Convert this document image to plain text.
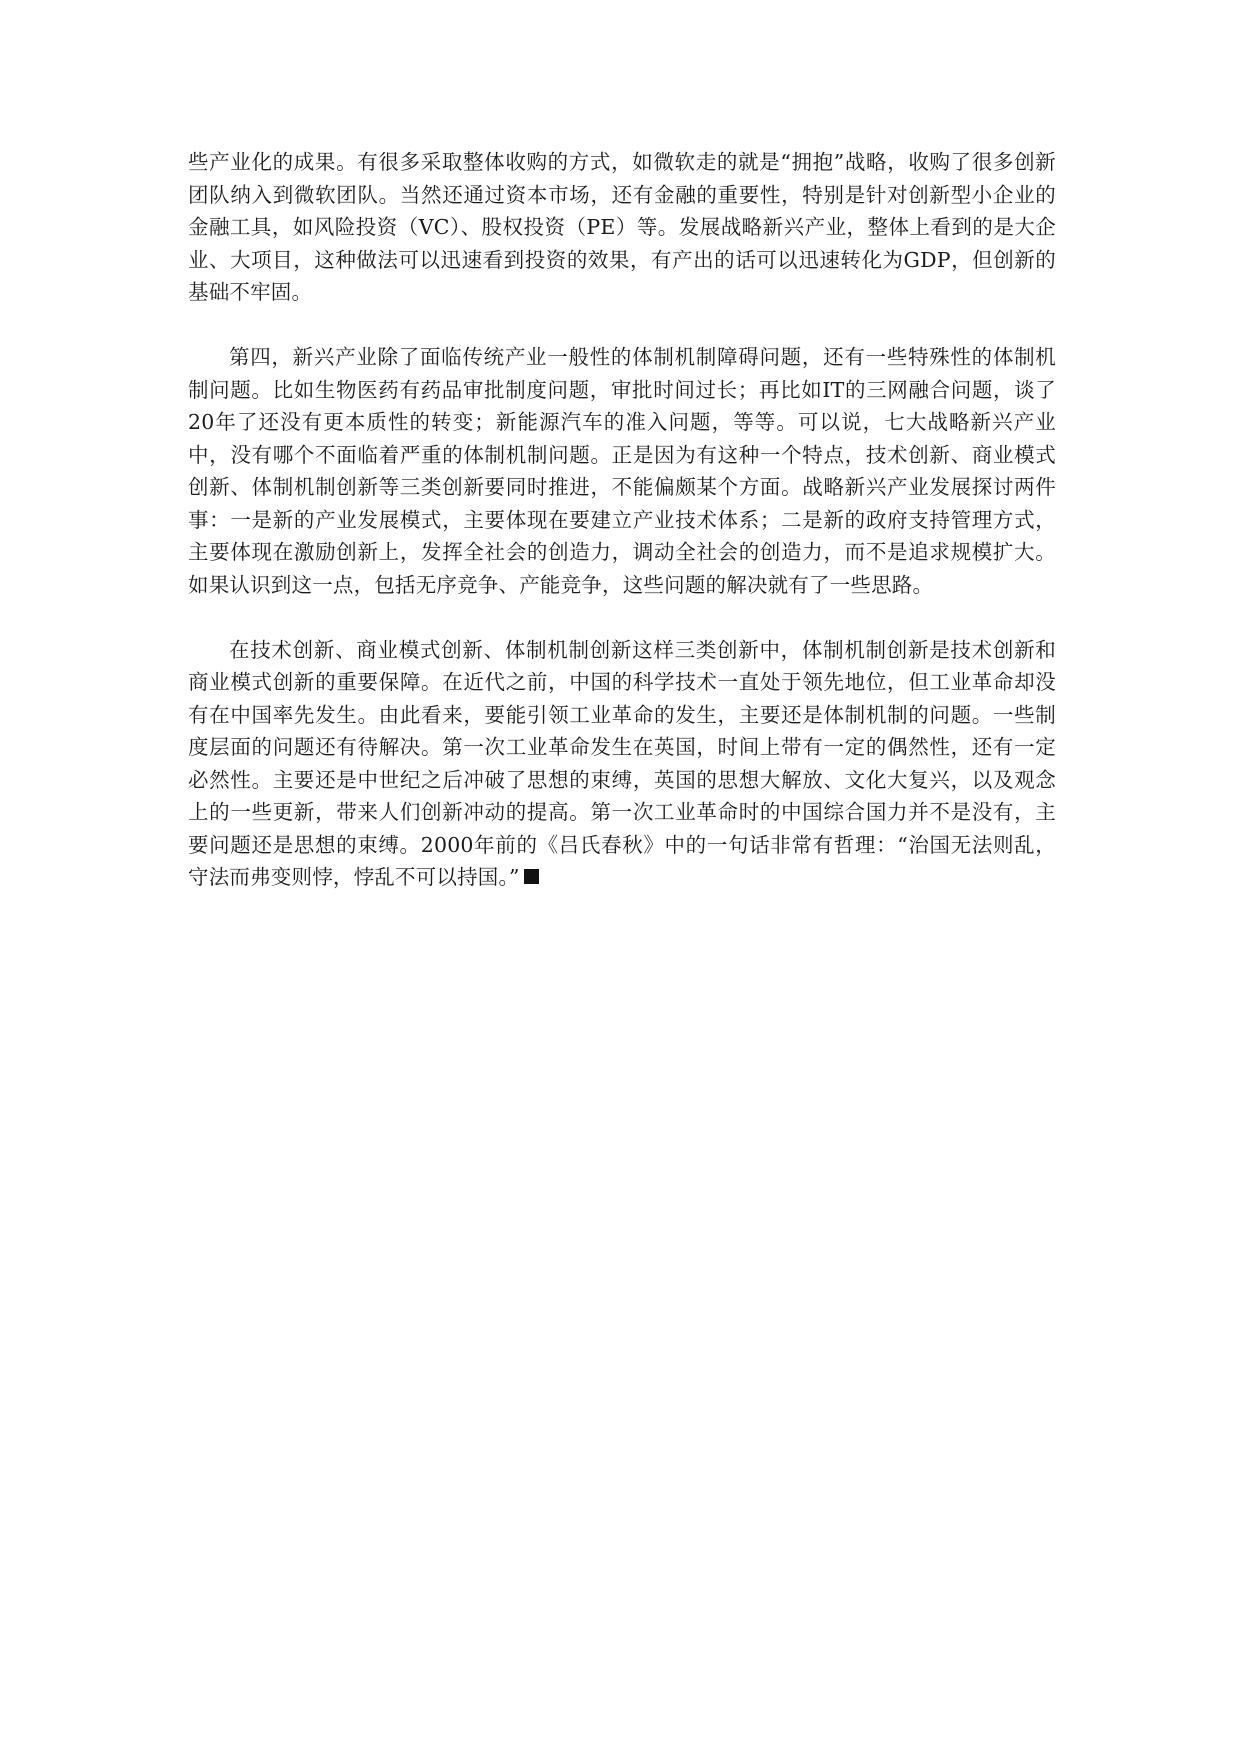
些产业化的成果。有很多采取整体收购的方式，如微软走的就是“拥抱”战略，收购了很多创新团队纳入到微软团队。当然还通过资本市场，还有金融的重要性，特别是针对创新型小企业的金融工具，如风险投资（VC）、股权投资（PE）等。发展战略新兴产业，整体上看到的是大企业、大项目，这种做法可以迅速看到投资的效果，有产出的话可以迅速转化为GDP，但创新的基础不牢固。

第四，新兴产业除了面临传统产业一般性的体制机制障碍问题，还有一些特殊性的体制机制问题。比如生物医药有药品审批制度问题，审批时间过长；再比如IT的三网融合问题，谈了20年了还没有更本质性的转变；新能源汽车的准入问题，等等。可以说，七大战略新兴产业中，没有哪个不面临着严重的体制机制问题。正是因为有这种一个特点，技术创新、商业模式创新、体制机制创新等三类创新要同时推进，不能偏颇某个方面。战略新兴产业发展探讨两件事：一是新的产业发展模式，主要体现在要建立产业技术体系；二是新的政府支持管理方式，主要体现在激励创新上，发挥全社会的创造力，调动全社会的创造力，而不是追求规模扩大。如果认识到这一点，包括无序竞争、产能竞争，这些问题的解决就有了一些思路。

在技术创新、商业模式创新、体制机制创新这样三类创新中，体制机制创新是技术创新和商业模式创新的重要保障。在近代之前，中国的科学技术一直处于领先地位，但工业革命却没有在中国率先发生。由此看来，要能引领工业革命的发生，主要还是体制机制的问题。一些制度层面的问题还有待解决。第一次工业革命发生在英国，时间上带有一定的偶然性，还有一定必然性。主要还是中世纪之后冲破了思想的束缚，英国的思想大解放、文化大复兴，以及观念上的一些更新，带来人们创新冲动的提高。第一次工业革命时的中国综合国力并不是没有，主要问题还是思想的束缚。2000年前的《吕氏春秋》中的一句话非常有哲理：“治国无法则乱，守法而弗变则悖，悖乱不可以持国。”
